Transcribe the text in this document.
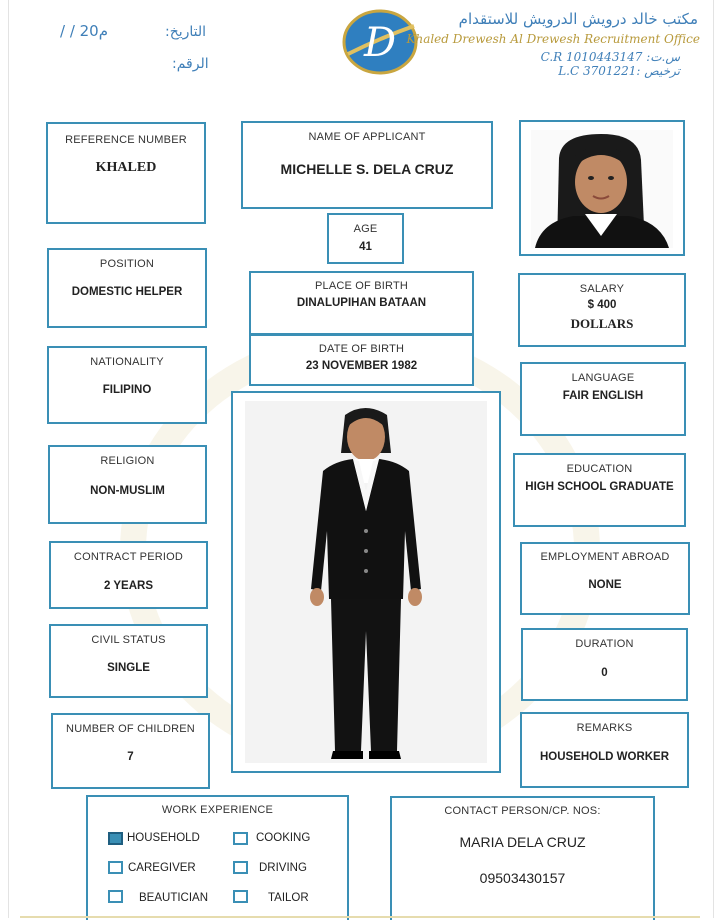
/ / 20م	التاريخ:
الرقم:	D
مكتب خالد درويش الدرويش للاستقدام
Khaled Drewesh Al Drewesh Recruitment Office
C.R 1010443147 :س.ت
L.C 3701221: ترخيص
REFERENCE NUMBER
KHALED
NAME OF APPLICANT
MICHELLE S. DELA CRUZ
AGE
41
POSITION
DOMESTIC HELPER	PLACE OF BIRTH
DINALUPIHAN BATAAN
SALARY
$ 400
DOLLARS
DATE OF BIRTH
23 NOVEMBER 1982
NATIONALITY
FILIPINO
LANGUAGE
FAIR ENGLISH
RELIGION
NON-MUSLIM
EDUCATION
HIGH SCHOOL GRADUATE
CONTRACT PERIOD
2 YEARS
EMPLOYMENT ABROAD
NONE
CIVIL STATUS
SINGLE
DURATION
0
NUMBER OF CHILDREN
7
REMARKS
HOUSEHOLD WORKER
WORK EXPERIENCE
HOUSEHOLD	COOKING
CAREGIVER	DRIVING
BEAUTICIAN	TAILOR
CONTACT PERSON/CP. NOS:
MARIA DELA CRUZ
09503430157
